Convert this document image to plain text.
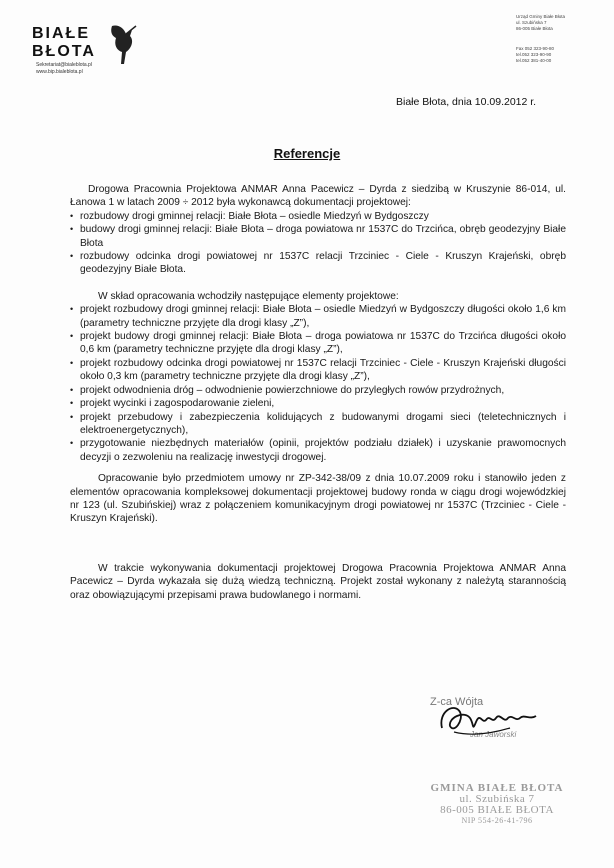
BIAŁE
BŁOTA
Sekretariat@bialeblota.pl
www.bip.bialeblota.pl
Urząd Gminy Białe Błota
ul. Szubińska 7
86-005 Białe Błota
Fax 052 323-90-80
tel.052 323-90-90
tel.052 381-40-00
Białe Błota, dnia 10.09.2012 r.
Referencje

Drogowa Pracownia Projektowa ANMAR Anna Pacewicz – Dyrda z siedzibą w Kruszynie 86-014, ul. Łanowa 1 w latach 2009 ÷ 2012 była wykonawcą dokumentacji projektowej:

• rozbudowy drogi gminnej relacji: Białe Błota – osiedle Miedzyń w Bydgoszczy
• budowy drogi gminnej relacji: Białe Błota – droga powiatowa nr 1537C do Trzcińca, obręb geodezyjny Białe Błota
• rozbudowy odcinka drogi powiatowej nr 1537C relacji Trzciniec - Ciele - Kruszyn Krajeński, obręb geodezyjny Białe Błota.

W skład opracowania wchodziły następujące elementy projektowe:

• projekt rozbudowy drogi gminnej relacji: Białe Błota – osiedle Miedzyń w Bydgoszczy długości około 1,6 km (parametry techniczne przyjęte dla drogi klasy „Z”),
• projekt budowy drogi gminnej relacji: Białe Błota – droga powiatowa nr 1537C do Trzcińca długości około 0,6 km (parametry techniczne przyjęte dla drogi klasy „Z”),
• projekt rozbudowy odcinka drogi powiatowej nr 1537C relacji Trzciniec - Ciele - Kruszyn Krajeński długości około 0,3 km (parametry techniczne przyjęte dla drogi klasy „Z”),
• projekt odwodnienia dróg – odwodnienie powierzchniowe do przyległych rowów przydrożnych,
• projekt wycinki i zagospodarowanie zieleni,
• projekt przebudowy i zabezpieczenia kolidujących z budowanymi drogami sieci (teletechnicznych i elektroenergetycznych),
• przygotowanie niezbędnych materiałów (opinii, projektów podziału działek) i uzyskanie prawomocnych decyzji o zezwoleniu na realizację inwestycji drogowej.

Opracowanie było przedmiotem umowy nr ZP-342-38/09 z dnia 10.07.2009 roku i stanowiło jeden z elementów opracowania kompleksowej dokumentacji projektowej budowy ronda w ciągu drogi wojewódzkiej nr 123 (ul. Szubińskiej) wraz z połączeniem komunikacyjnym drogi powiatowej nr 1537C (Trzciniec - Ciele - Kruszyn Krajeński).

W trakcie wykonywania dokumentacji projektowej Drogowa Pracownia Projektowa ANMAR Anna Pacewicz – Dyrda wykazała się dużą wiedzą techniczną. Projekt został wykonany z należytą starannością oraz obowiązującymi przepisami prawa budowlanego i normami.

Z-ca Wójta
Jan Jaworski
GMINA BIAŁE BŁOTA
ul. Szubińska 7
86-005 BIAŁE BŁOTA
NIP 554-26-41-796
